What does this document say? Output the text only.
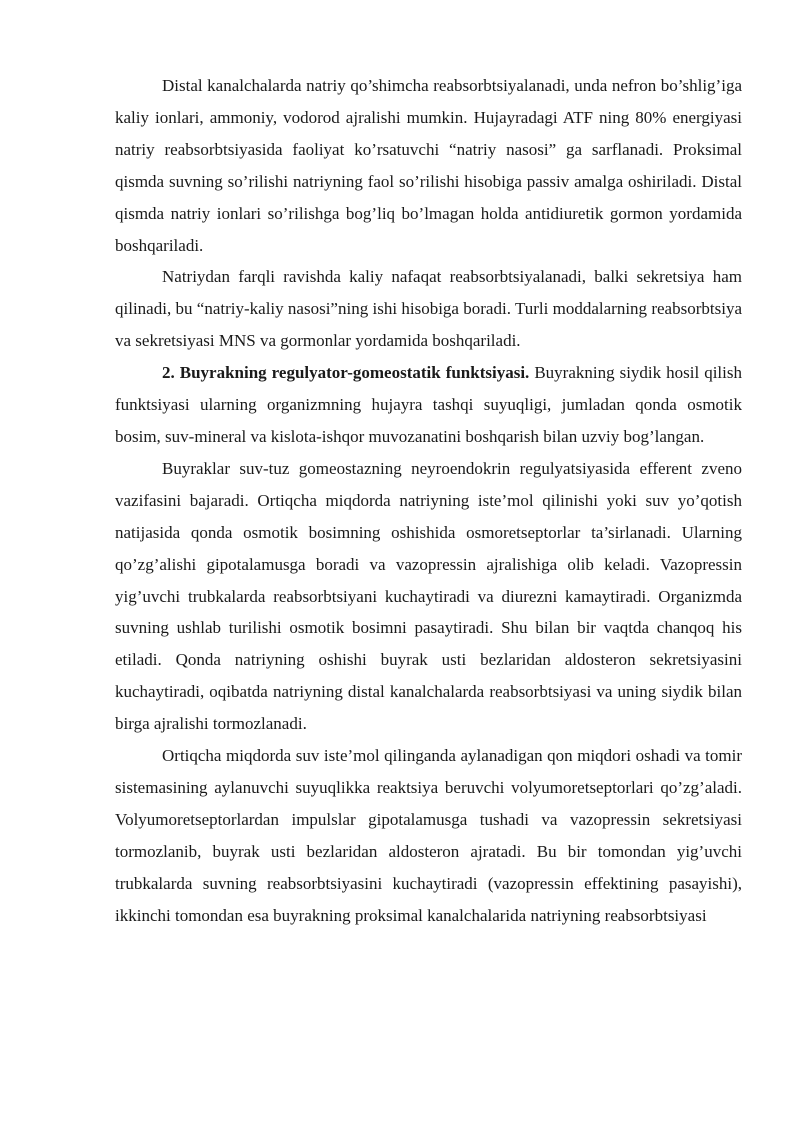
Distal kanalchalarda natriy qo’shimcha reabsorbtsiyalanadi, unda nefron bo’shlig’iga kaliy ionlari, ammoniy, vodorod ajralishi mumkin. Hujayradagi ATF ning 80% energiyasi natriy reabsorbtsiyasida faoliyat ko’rsatuvchi “natriy nasosi” ga sarflanadi. Proksimal qismda suvning so’rilishi natriyning faol so’rilishi hisobiga passiv amalga oshiriladi. Distal qismda natriy ionlari so’rilishga bog’liq bo’lmagan holda antidiuretik gormon yordamida boshqariladi.

Natriydan farqli ravishda kaliy nafaqat reabsorbtsiyalanadi, balki sekretsiya ham qilinadi, bu “natriy-kaliy nasosi”ning ishi hisobiga boradi. Turli moddalarning reabsorbtsiya va sekretsiyasi MNS va gormonlar yordamida boshqariladi.

2. Buyrakning regulyator-gomeostatik funktsiyasi. Buyrakning siydik hosil qilish funktsiyasi ularning organizmning hujayra tashqi suyuqligi, jumladan qonda osmotik bosim, suv-mineral va kislota-ishqor muvozanatini boshqarish bilan uzviy bog’langan.

Buyraklar suv-tuz gomeostazning neyroendokrin regulyatsiyasida efferent zveno vazifasini bajaradi. Ortiqcha miqdorda natriyning iste’mol qilinishi yoki suv yo’qotish natijasida qonda osmotik bosimning oshishida osmoretseptorlar ta’sirlanadi. Ularning qo’zg’alishi gipotalamusga boradi va vazopressin ajralishiga olib keladi. Vazopressin yig’uvchi trubkalarda reabsorbtsiyani kuchaytiradi va diurezni kamaytiradi. Organizmda suvning ushlab turilishi osmotik bosimni pasaytiradi. Shu bilan bir vaqtda chanqoq his etiladi. Qonda natriyning oshishi buyrak usti bezlaridan aldosteron sekretsiyasini kuchaytiradi, oqibatda natriyning distal kanalchalarda reabsorbtsiyasi va uning siydik bilan birga ajralishi tormozlanadi.

Ortiqcha miqdorda suv iste’mol qilinganda aylanadigan qon miqdori oshadi va tomir sistemasining aylanuvchi suyuqlikka reaktsiya beruvchi volyumoretseptorlari qo’zg’aladi. Volyumoretseptorlardan impulslar gipotalamusga tushadi va vazopressin sekretsiyasi tormozlanib, buyrak usti bezlaridan aldosteron ajratadi. Bu bir tomondan yig’uvchi trubkalarda suvning reabsorbtsiyasini kuchaytiradi (vazopressin effektining pasayishi), ikkinchi tomondan esa buyrakning proksimal kanalchalarida natriyning reabsorbtsiyasi
